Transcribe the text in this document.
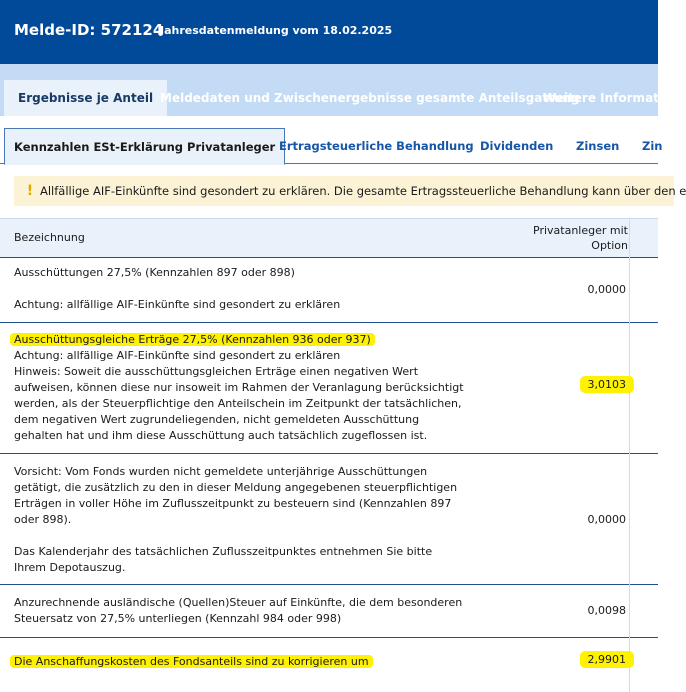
Melde-ID: 572124
Jahresdatenmeldung vom 18.02.2025
Ergebnisse je Anteil Meldedaten und Zwischenergebnisse gesamte Anteilsgattung
Weitere Information
Kennzahlen ESt-Erklärung Privatanleger Ertragsteuerliche Behandlung Dividenden Zinsen Zin
! Allfällige AIF-Einkünfte sind gesondert zu erklären. Die gesamte Ertragssteuerliche Behandlung kann über den e
Bezeichnung
Privatanleger mit
Option
Ausschüttungen 27,5% (Kennzahlen 897 oder 898)
Achtung: allfällige AIF-Einkünfte sind gesondert zu erklären
0,0000
Ausschüttungsgleiche Erträge 27,5% (Kennzahlen 936 oder 937)
Achtung: allfällige AIF-Einkünfte sind gesondert zu erklären
Hinweis: Soweit die ausschüttungsgleichen Erträge einen negativen Wert
aufweisen, können diese nur insoweit im Rahmen der Veranlagung berücksichtigt
werden, als der Steuerpflichtige den Anteilschein im Zeitpunkt der tatsächlichen,
dem negativen Wert zugrundeliegenden, nicht gemeldeten Ausschüttung
gehalten hat und ihm diese Ausschüttung auch tatsächlich zugeflossen ist.
3,0103
Vorsicht: Vom Fonds wurden nicht gemeldete unterjährige Ausschüttungen
getätigt, die zusätzlich zu den in dieser Meldung angegebenen steuerpflichtigen
Erträgen in voller Höhe im Zuflusszeitpunkt zu besteuern sind (Kennzahlen 897
oder 898).
Das Kalenderjahr des tatsächlichen Zuflusszeitpunktes entnehmen Sie bitte
Ihrem Depotauszug.
0,0000
Anzurechnende ausländische (Quellen)Steuer auf Einkünfte, die dem besonderen
Steuersatz von 27,5% unterliegen (Kennzahl 984 oder 998)
0,0098
Die Anschaffungskosten des Fondsanteils sind zu korrigieren um	2,9901
